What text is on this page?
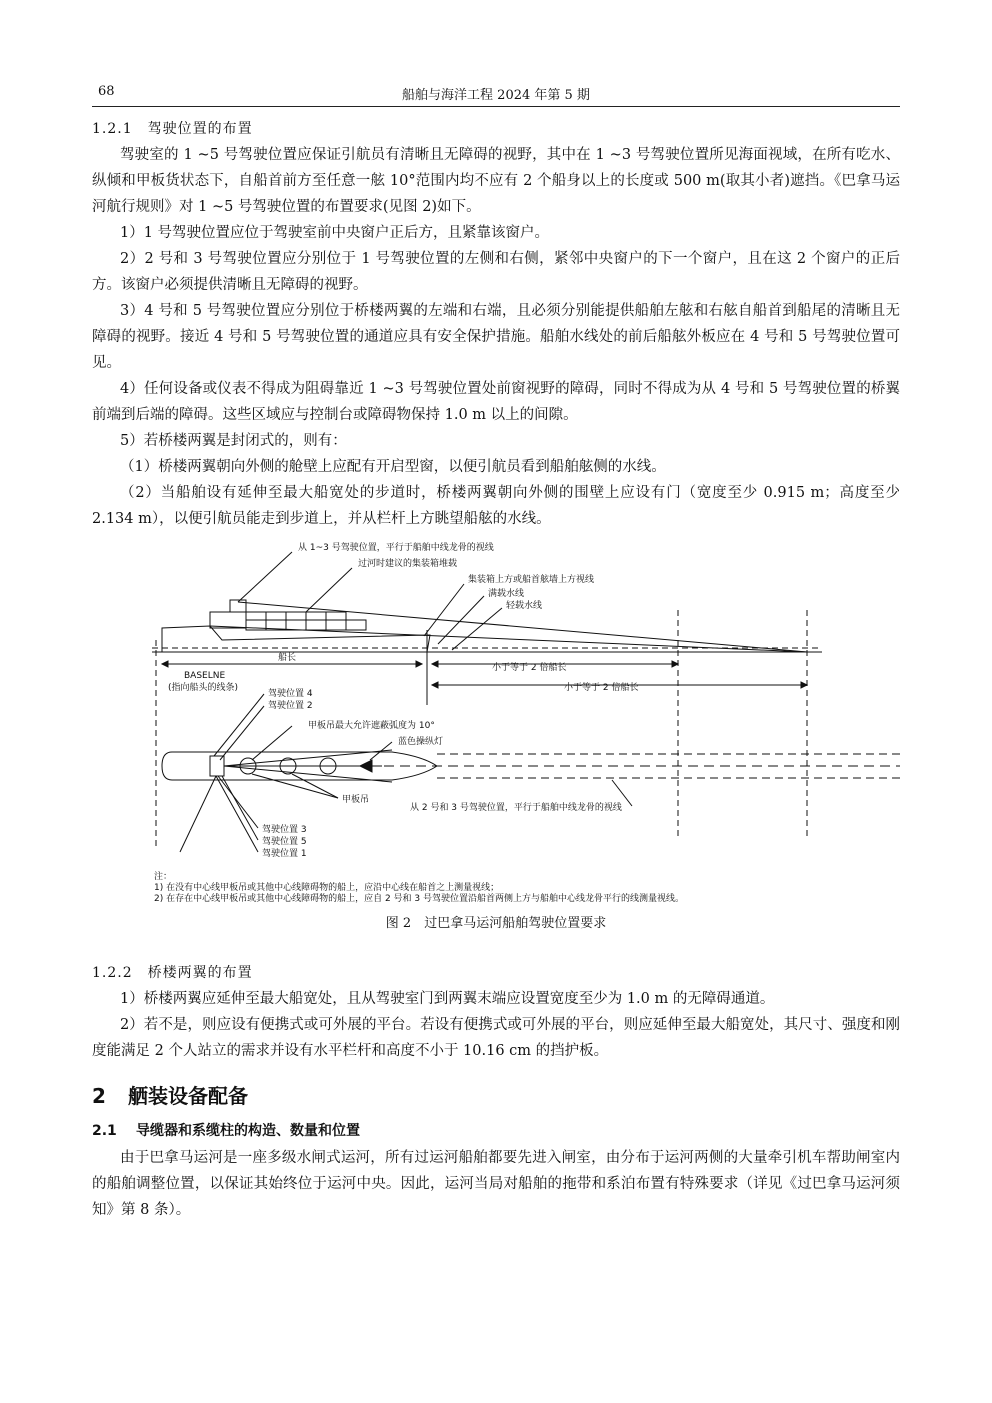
68	船舶与海洋工程 2024 年第 5 期
1.2.1　驾驶位置的布置

驾驶室的 1 ~5 号驾驶位置应保证引航员有清晰且无障碍的视野，其中在 1 ~3 号驾驶位置所见海面视域，在所有吃水、纵倾和甲板货状态下，自船首前方至任意一舷 10°范围内均不应有 2 个船身以上的长度或 500 m(取其小者)遮挡。《巴拿马运河航行规则》对 1 ~5 号驾驶位置的布置要求(见图 2)如下。

1）1 号驾驶位置应位于驾驶室前中央窗户正后方，且紧靠该窗户。

2）2 号和 3 号驾驶位置应分别位于 1 号驾驶位置的左侧和右侧，紧邻中央窗户的下一个窗户，且在这 2 个窗户的正后方。该窗户必须提供清晰且无障碍的视野。

3）4 号和 5 号驾驶位置应分别位于桥楼两翼的左端和右端，且必须分别能提供船舶左舷和右舷自船首到船尾的清晰且无障碍的视野。接近 4 号和 5 号驾驶位置的通道应具有安全保护措施。船舶水线处的前后船舷外板应在 4 号和 5 号驾驶位置可见。

4）任何设备或仪表不得成为阻碍靠近 1 ~3 号驾驶位置处前窗视野的障碍，同时不得成为从 4 号和 5 号驾驶位置的桥翼前端到后端的障碍。这些区域应与控制台或障碍物保持 1.0 m 以上的间隙。

5）若桥楼两翼是封闭式的，则有：

（1）桥楼两翼朝向外侧的舱壁上应配有开启型窗，以便引航员看到船舶舷侧的水线。

（2）当船舶设有延伸至最大船宽处的步道时，桥楼两翼朝向外侧的围壁上应设有门（宽度至少 0.915 m；高度至少 2.134 m），以便引航员能走到步道上，并从栏杆上方眺望船舷的水线。

从 1~3 号驾驶位置，平行于船舶中线龙骨的视线
过河时建议的集装箱堆载
集装箱上方或船首舷墙上方视线
满载水线
轻载水线
船长
BASELNE
(指向船头的线条)
小于等于 2 倍船长
小于等于 2 倍船长
驾驶位置 4
驾驶位置 2
甲板吊最大允许遮蔽弧度为 10°
蓝色操纵灯
甲板吊
从 2 号和 3 号驾驶位置，平行于船舶中线龙骨的视线
驾驶位置 3
驾驶位置 5
驾驶位置 1
注：
1) 在没有中心线甲板吊或其他中心线障碍物的船上，应沿中心线在船首之上测量视线；
2) 在存在中心线甲板吊或其他中心线障碍物的船上，应自 2 号和 3 号驾驶位置沿船首两侧上方与船舶中心线龙骨平行的线测量视线。
图 2　过巴拿马运河船舶驾驶位置要求
1.2.2　桥楼两翼的布置

1）桥楼两翼应延伸至最大船宽处，且从驾驶室门到两翼末端应设置宽度至少为 1.0 m 的无障碍通道。

2）若不是，则应设有便携式或可外展的平台。若设有便携式或可外展的平台，则应延伸至最大船宽处，其尺寸、强度和刚度能满足 2 个人站立的需求并设有水平栏杆和高度不小于 10.16 cm 的挡护板。

2 舾装设备配备
2.1 导缆器和系缆柱的构造、数量和位置

由于巴拿马运河是一座多级水闸式运河，所有过运河船舶都要先进入闸室，由分布于运河两侧的大量牵引机车帮助闸室内的船舶调整位置，以保证其始终位于运河中央。因此，运河当局对船舶的拖带和系泊布置有特殊要求（详见《过巴拿马运河须知》第 8 条）。
